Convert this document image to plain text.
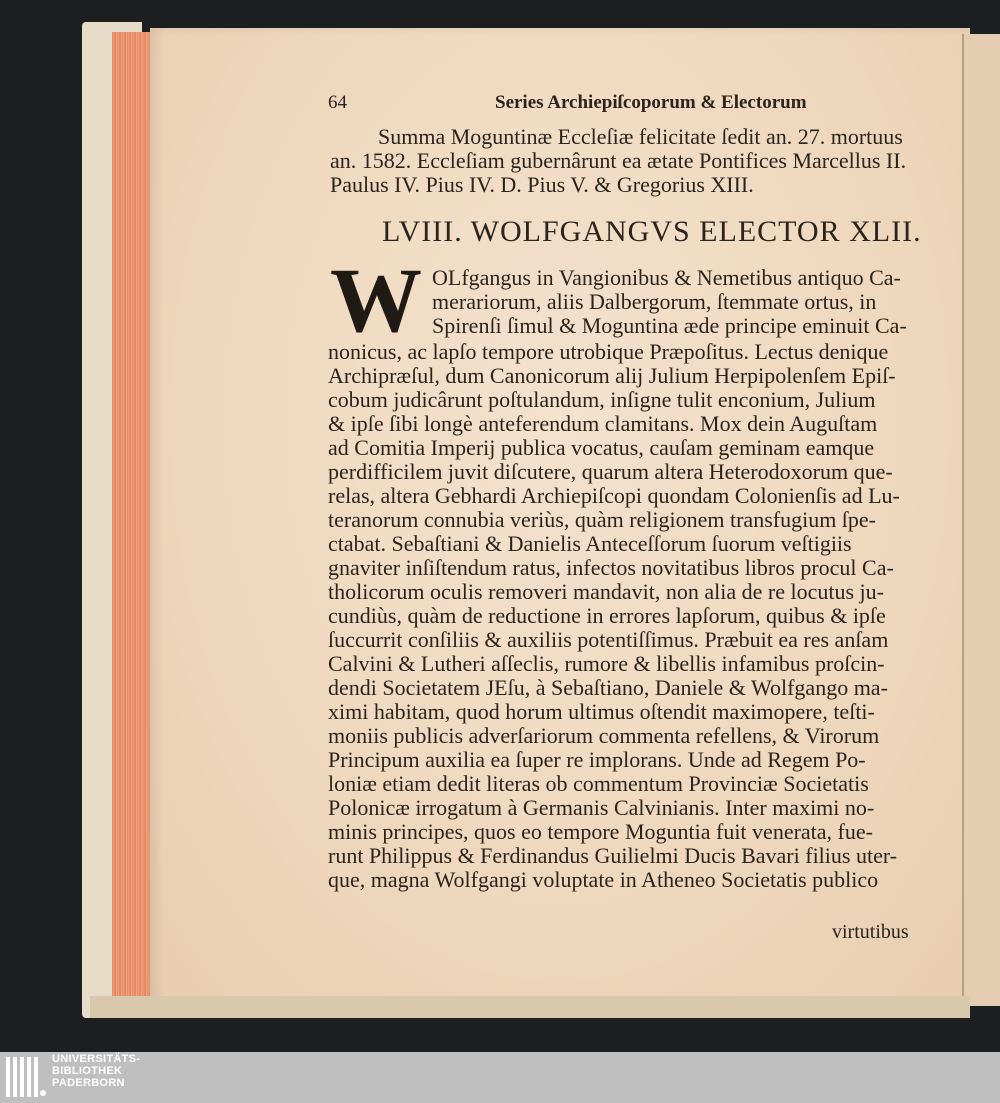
64	Series Archiepiſcoporum & Electorum
Summa Moguntinæ Eccleſiæ felicitate ſedit an. 27. mortuus
an. 1582. Eccleſiam gubernârunt ea ætate Pontifices Marcellus II.
Paulus IV. Pius IV. D. Pius V. & Gregorius XIII.
LVIII. WOLFGANGVS ELECTOR XLII.
W OLfgangus in Vangionibus & Nemetibus antiquo Ca-
merariorum, aliis Dalbergorum, ſtemmate ortus, in
Spirenſi ſimul & Moguntina æde principe eminuit Ca-
nonicus, ac lapſo tempore utrobique Præpoſitus. Lectus denique
Archipræſul, dum Canonicorum alij Julium Herpipolenſem Epiſ-
cobum judicârunt poſtulandum, inſigne tulit enconium, Julium
& ipſe ſibi longè anteferendum clamitans. Mox dein Auguſtam
ad Comitia Imperij publica vocatus, cauſam geminam eamque
perdifficilem juvit diſcutere, quarum altera Heterodoxorum que-
relas, altera Gebhardi Archiepiſcopi quondam Colonienſis ad Lu-
teranorum connubia veriùs, quàm religionem transfugium ſpe-
ctabat. Sebaſtiani & Danielis Anteceſſorum ſuorum veſtigiis
gnaviter inſiſtendum ratus, infectos novitatibus libros procul Ca-
tholicorum oculis removeri mandavit, non alia de re locutus ju-
cundiùs, quàm de reductione in errores lapſorum, quibus & ipſe
ſuccurrit conſiliis & auxiliis potentiſſimus. Præbuit ea res anſam
Calvini & Lutheri aſſeclis, rumore & libellis infamibus proſcin-
dendi Societatem JEſu, à Sebaſtiano, Daniele & Wolfgango ma-
ximi habitam, quod horum ultimus oſtendit maximopere, teſti-
moniis publicis adverſariorum commenta refellens, & Virorum
Principum auxilia ea ſuper re implorans. Unde ad Regem Po-
loniæ etiam dedit literas ob commentum Provinciæ Societatis
Polonicæ irrogatum à Germanis Calvinianis. Inter maximi no-
minis principes, quos eo tempore Moguntia fuit venerata, fue-
runt Philippus & Ferdinandus Guilielmi Ducis Bavari filius uter-
que, magna Wolfgangi voluptate in Atheneo Societatis publico
virtutibus
UNIVERSITÄTS-
BIBLIOTHEK
PADERBORN
